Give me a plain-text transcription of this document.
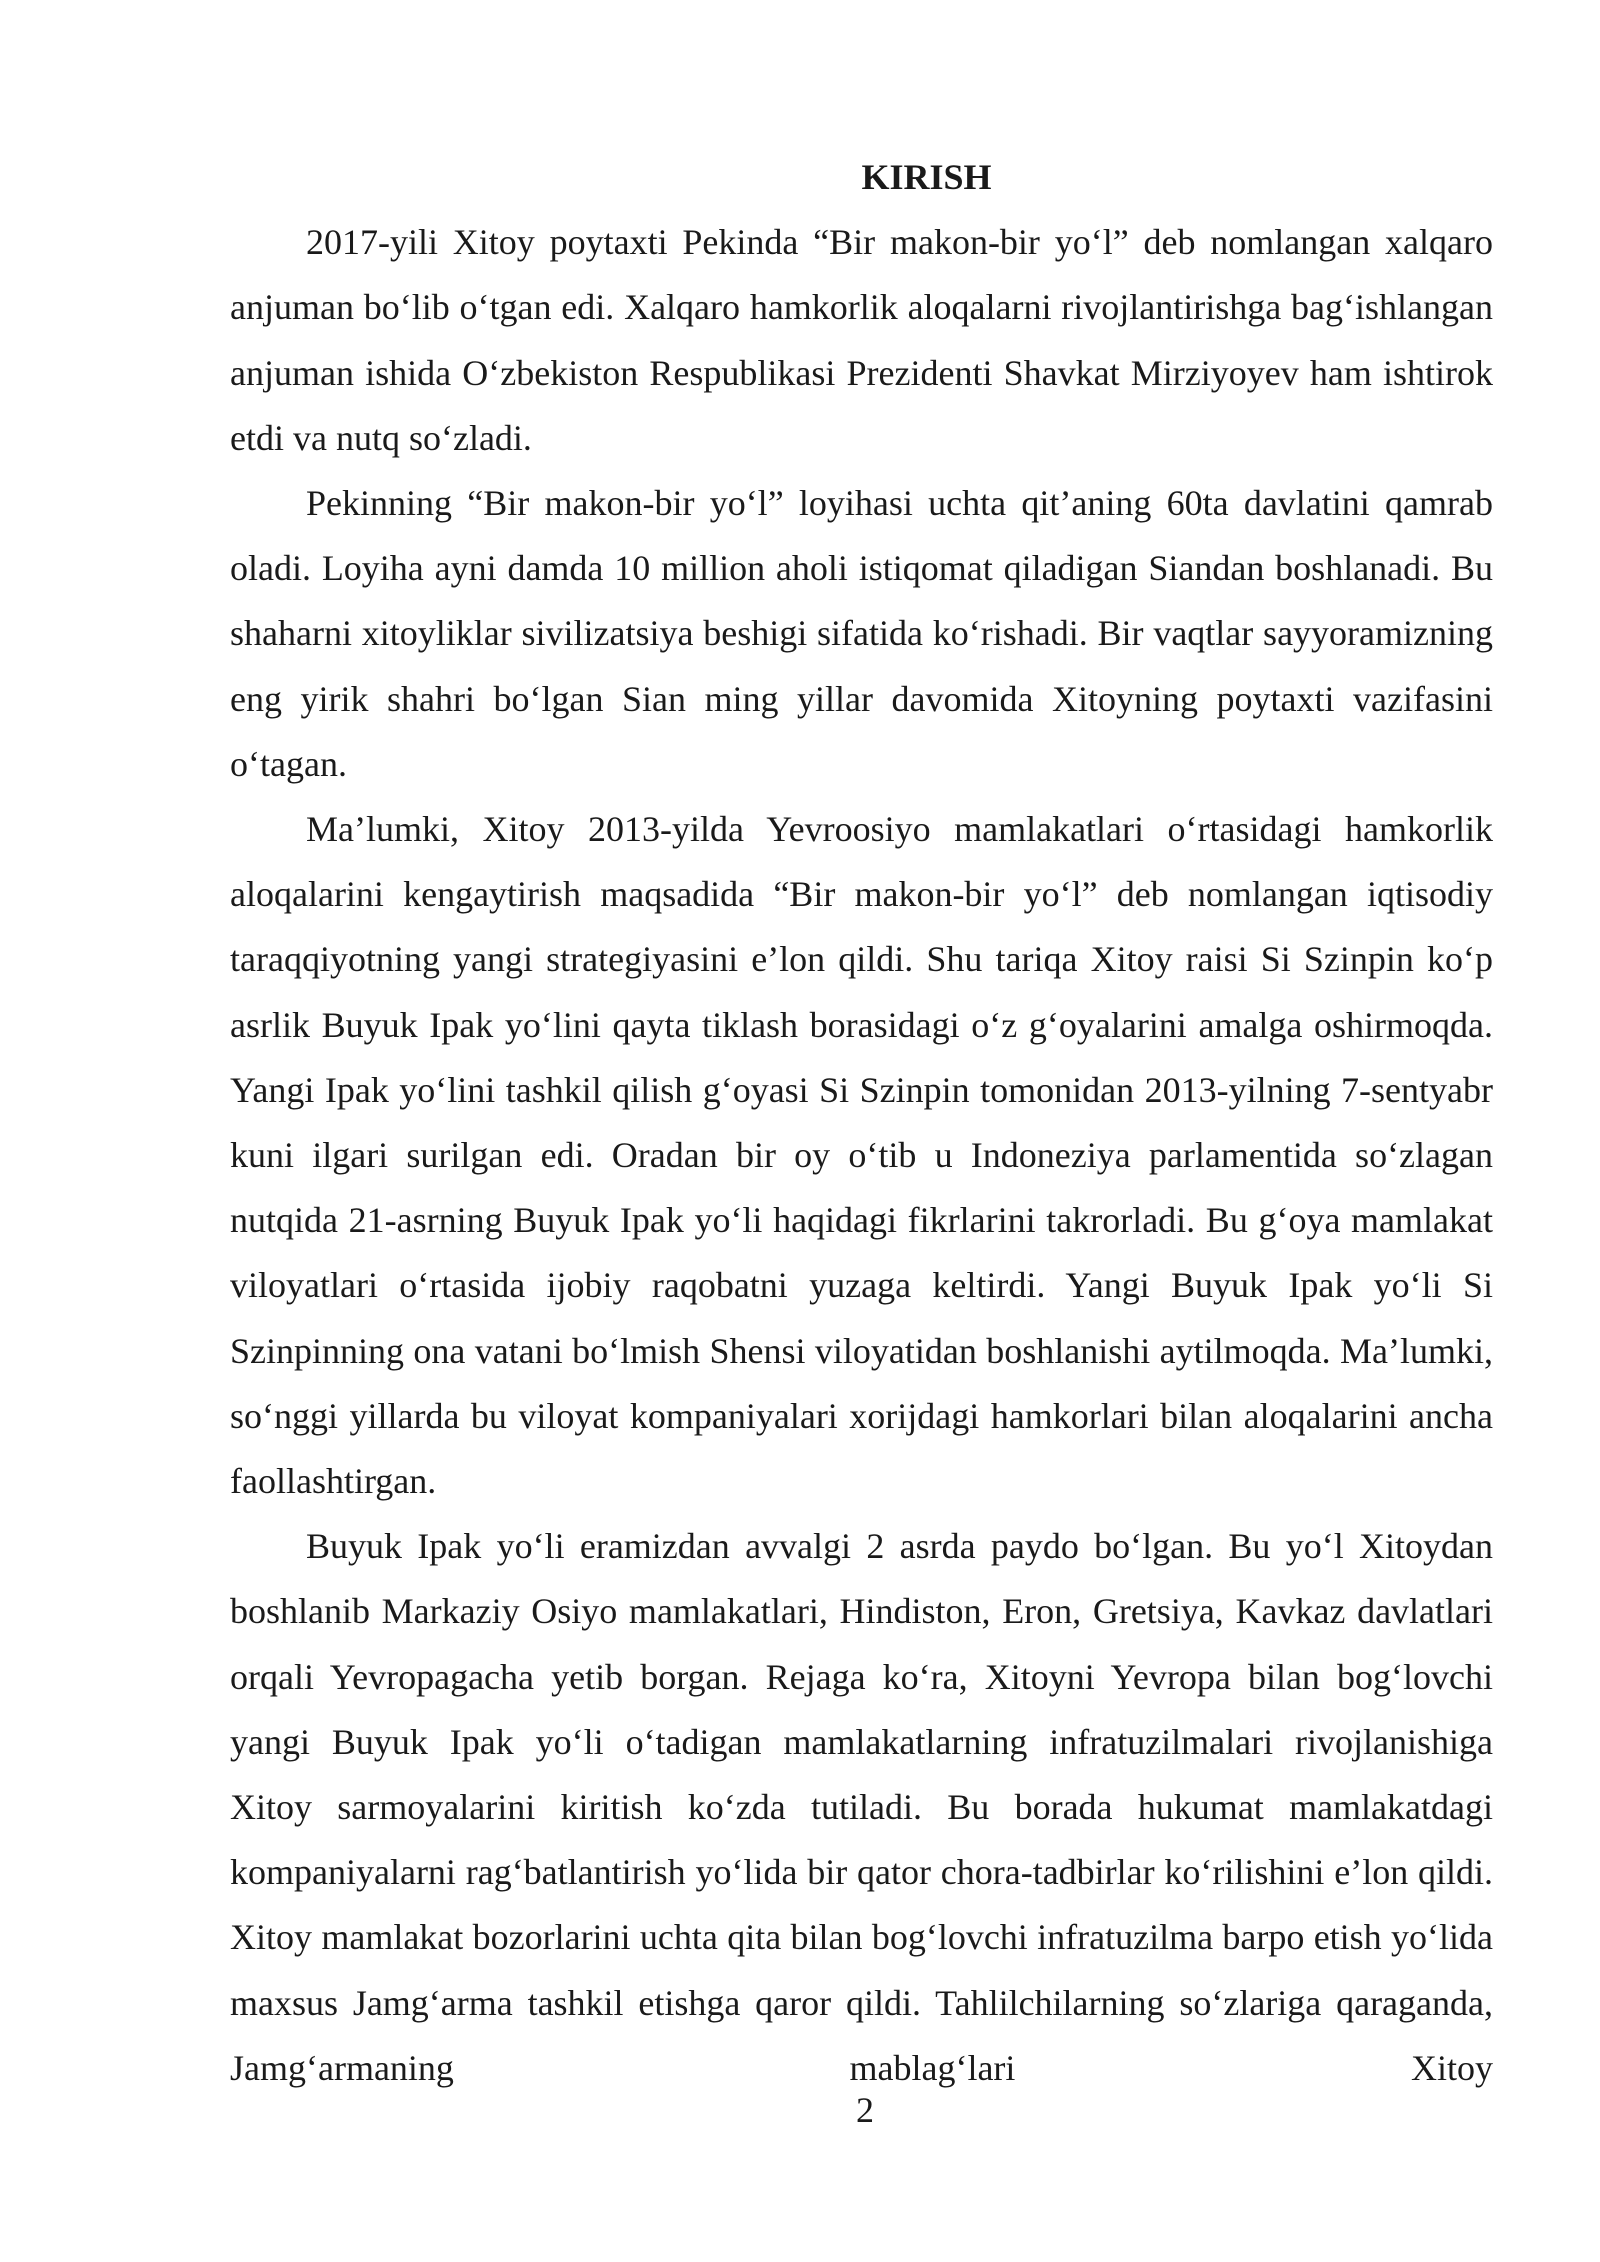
KIRISH

2017-yili Xitoy poytaxti Pekinda “Bir makon-bir yo‘l” deb nomlangan xalqaro anjuman bo‘lib o‘tgan edi. Xalqaro hamkorlik aloqalarni rivojlantirishga bag‘ishlangan anjuman ishida O‘zbekiston Respublikasi Prezidenti Shavkat Mirziyoyev ham ishtirok etdi va nutq so‘zladi.

Pekinning “Bir makon-bir yo‘l” loyihasi uchta qit’aning 60ta davlatini qamrab oladi. Loyiha ayni damda 10 million aholi istiqomat qiladigan Siandan boshlanadi. Bu shaharni xitoyliklar sivilizatsiya beshigi sifatida ko‘rishadi. Bir vaqtlar sayyoramizning eng yirik shahri bo‘lgan Sian ming yillar davomida Xitoyning poytaxti vazifasini o‘tagan.

Ma’lumki, Xitoy 2013-yilda Yevroosiyo mamlakatlari o‘rtasidagi hamkorlik aloqalarini kengaytirish maqsadida “Bir makon-bir yo‘l” deb nomlangan iqtisodiy taraqqiyotning yangi strategiyasini e’lon qildi. Shu tariqa Xitoy raisi Si Szinpin ko‘p asrlik Buyuk Ipak yo‘lini qayta tiklash borasidagi o‘z g‘oyalarini amalga oshirmoqda. Yangi Ipak yo‘lini tashkil qilish g‘oyasi Si Szinpin tomonidan 2013-yilning 7-sentyabr kuni ilgari surilgan edi. Oradan bir oy o‘tib u Indoneziya parlamentida so‘zlagan nutqida 21-asrning Buyuk Ipak yo‘li haqidagi fikrlarini takrorladi. Bu g‘oya mamlakat viloyatlari o‘rtasida ijobiy raqobatni yuzaga keltirdi. Yangi Buyuk Ipak yo‘li Si Szinpinning ona vatani bo‘lmish Shensi viloyatidan boshlanishi aytilmoqda. Ma’lumki, so‘nggi yillarda bu viloyat kompaniyalari xorijdagi hamkorlari bilan aloqalarini ancha faollashtirgan.

Buyuk Ipak yo‘li eramizdan avvalgi 2 asrda paydo bo‘lgan. Bu yo‘l Xitoydan boshlanib Markaziy Osiyo mamlakatlari, Hindiston, Eron, Gretsiya, Kavkaz davlatlari orqali Yevropagacha yetib borgan. Rejaga ko‘ra, Xitoyni Yevropa bilan bog‘lovchi yangi Buyuk Ipak yo‘li o‘tadigan mamlakatlarning infratuzilmalari rivojlanishiga Xitoy sarmoyalarini kiritish ko‘zda tutiladi. Bu borada hukumat mamlakatdagi kompaniyalarni rag‘batlantirish yo‘lida bir qator chora-tadbirlar ko‘rilishini e’lon qildi. Xitoy mamlakat bozorlarini uchta qita bilan bog‘lovchi infratuzilma barpo etish yo‘lida maxsus Jamg‘arma tashkil etishga qaror qildi. Tahlilchilarning so‘zlariga qaraganda, Jamg‘armaning mablag‘lari Xitoy

2
